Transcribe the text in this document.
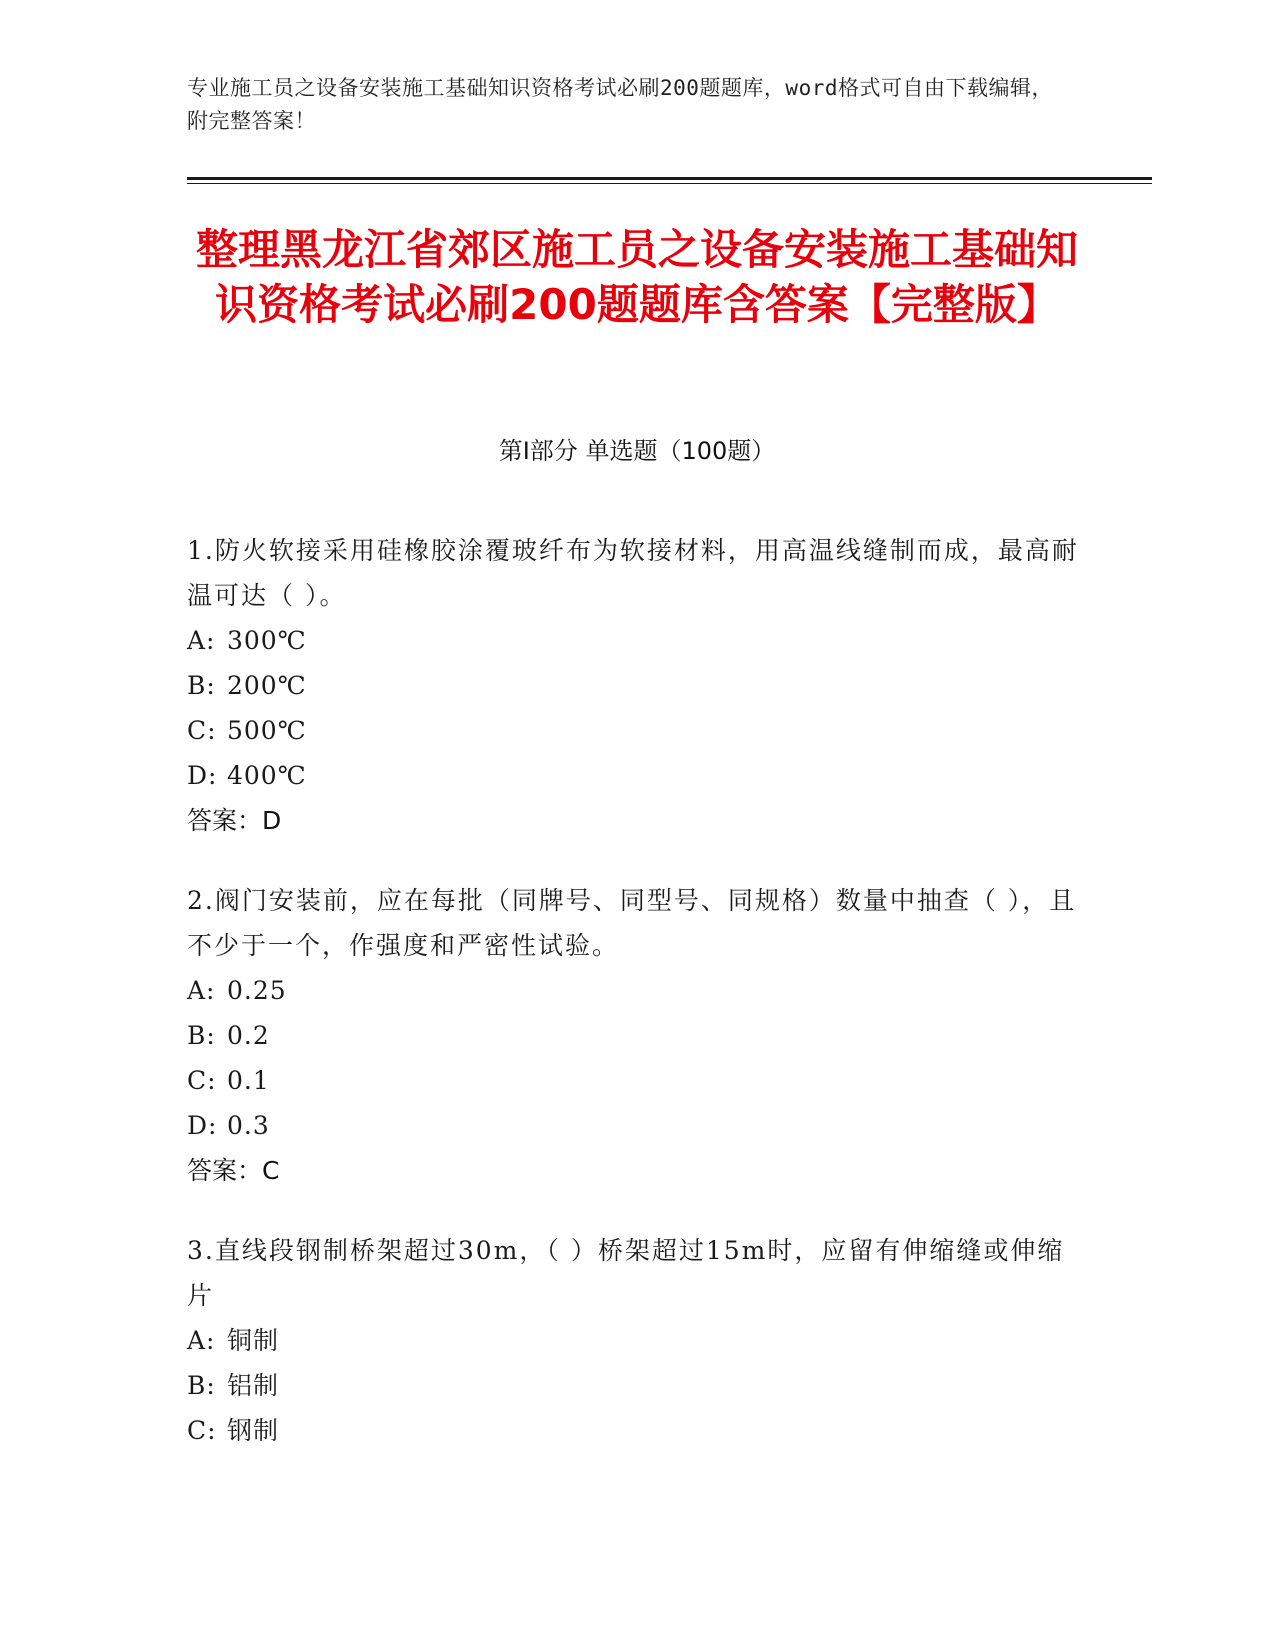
专业施工员之设备安装施工基础知识资格考试必刷200题题库，word格式可自由下载编辑，附完整答案！
整理黑龙江省郊区施工员之设备安装施工基础知识资格考试必刷200题题库含答案【完整版】
第Ⅰ部分 单选题（100题）
1.防火软接采用硅橡胶涂覆玻纤布为软接材料，用高温线缝制而成，最高耐温可达（ ）。
A: 300℃
B: 200℃
C: 500℃
D: 400℃
答案：D
2.阀门安装前，应在每批（同牌号、同型号、同规格）数量中抽查（ ），且不少于一个，作强度和严密性试验。
A: 0.25
B: 0.2
C: 0.1
D: 0.3
答案：C
3.直线段钢制桥架超过30m，（ ）桥架超过15m时，应留有伸缩缝或伸缩片
A: 铜制
B: 铝制
C: 钢制
